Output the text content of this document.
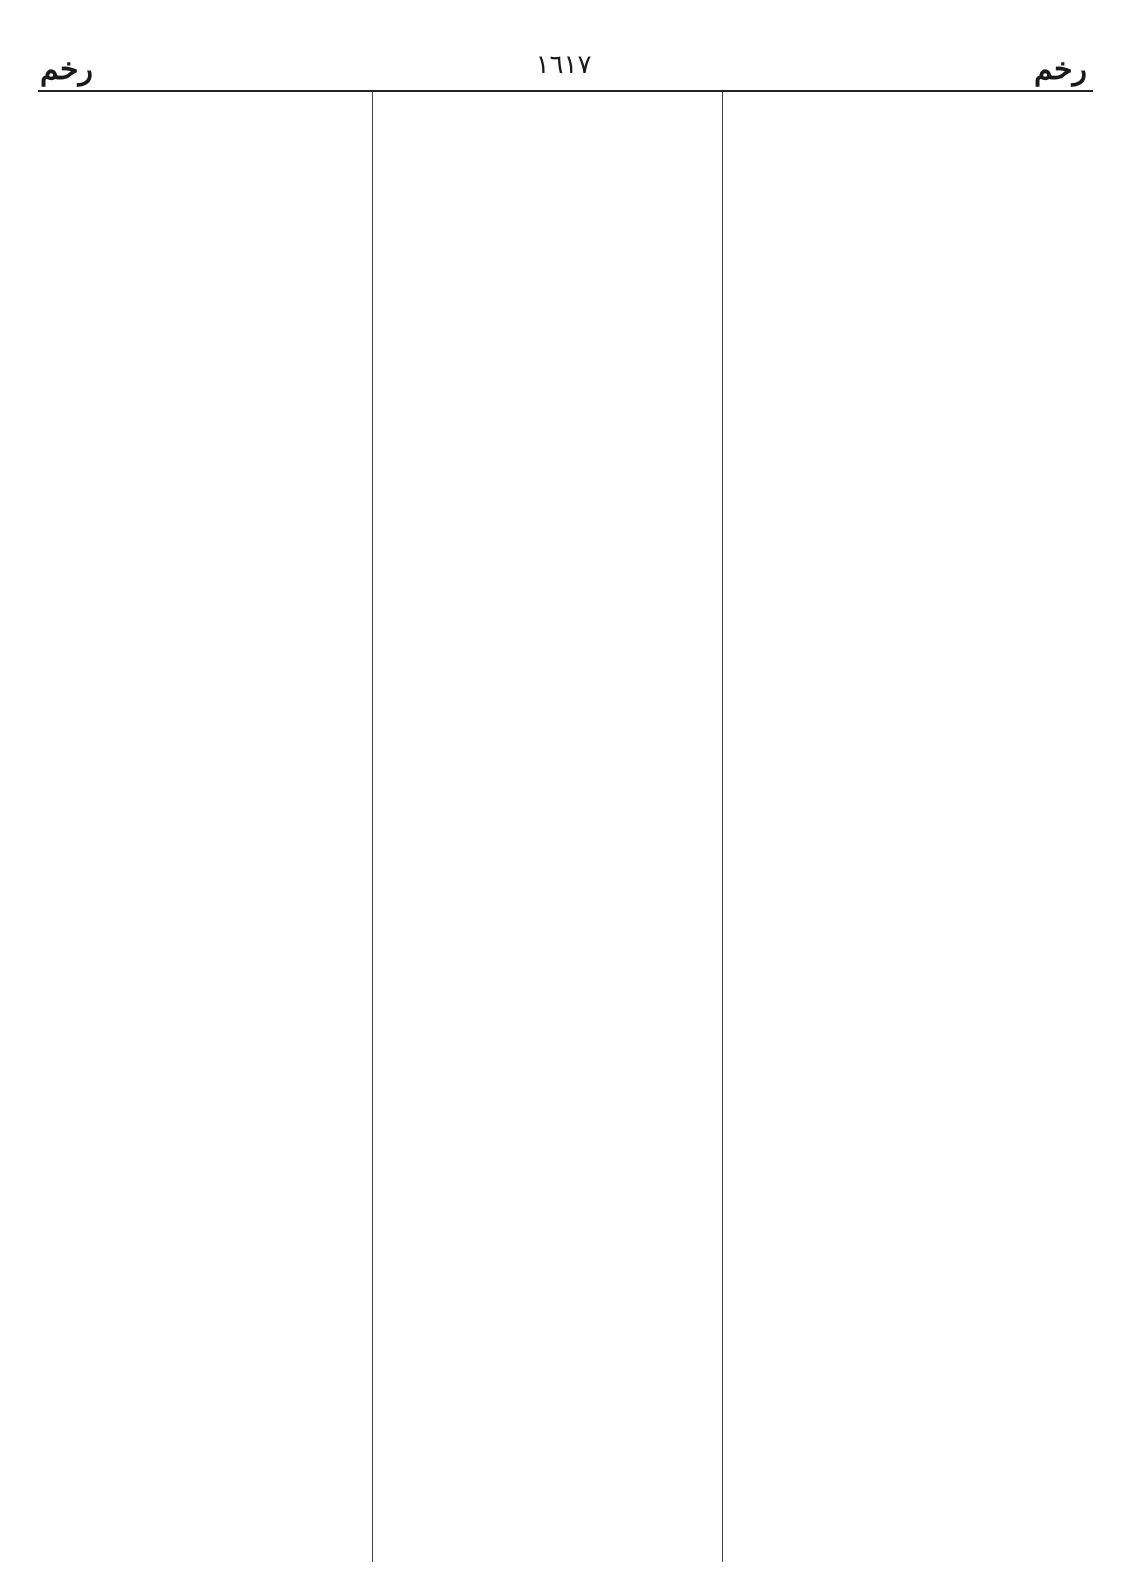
رخم
١٦١٧
رخم
